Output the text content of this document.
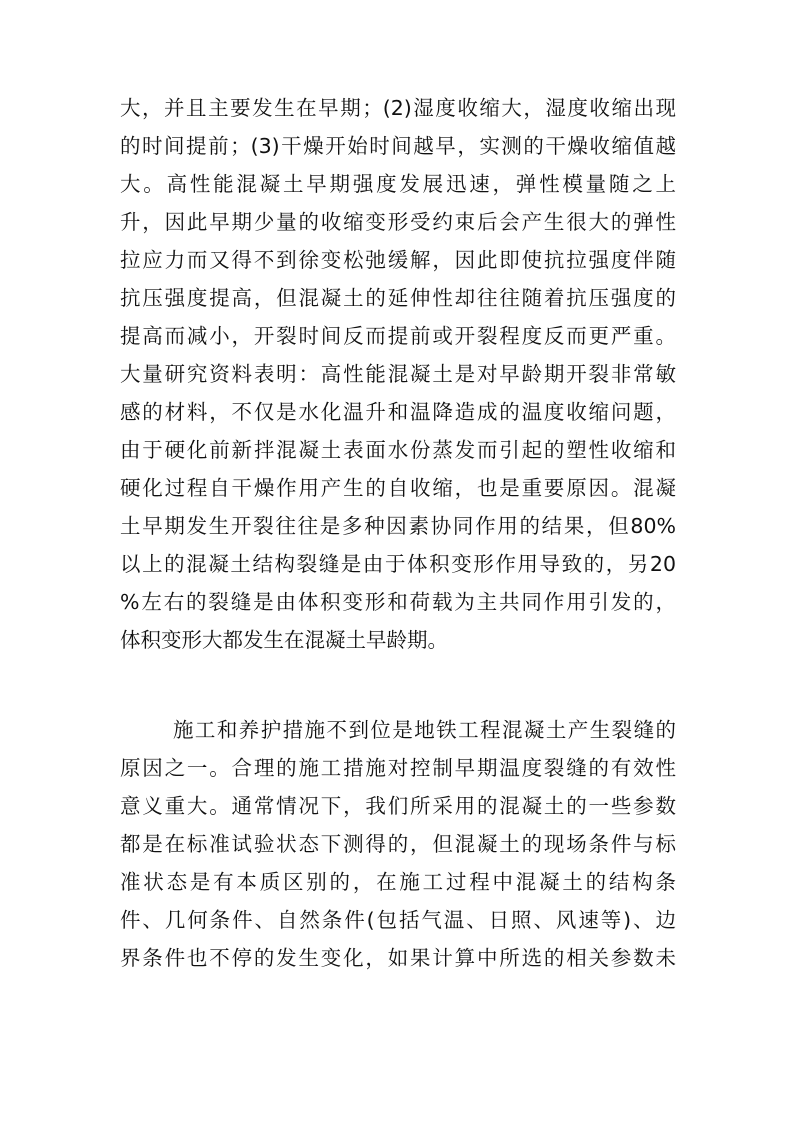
大，并且主要发生在早期；(2)湿度收缩大，湿度收缩出现
的时间提前；(3)干燥开始时间越早，实测的干燥收缩值越
大。高性能混凝土早期强度发展迅速，弹性模量随之上
升，因此早期少量的收缩变形受约束后会产生很大的弹性
拉应力而又得不到徐变松弛缓解，因此即使抗拉强度伴随
抗压强度提高，但混凝土的延伸性却往往随着抗压强度的
提高而减小，开裂时间反而提前或开裂程度反而更严重。
大量研究资料表明：高性能混凝土是对早龄期开裂非常敏
感的材料，不仅是水化温升和温降造成的温度收缩问题，
由于硬化前新拌混凝土表面水份蒸发而引起的塑性收缩和
硬化过程自干燥作用产生的自收缩，也是重要原因。混凝
土早期发生开裂往往是多种因素协同作用的结果，但80%
以上的混凝土结构裂缝是由于体积变形作用导致的，另20
%左右的裂缝是由体积变形和荷载为主共同作用引发的，
体积变形大都发生在混凝土早龄期。
施工和养护措施不到位是地铁工程混凝土产生裂缝的
原因之一。合理的施工措施对控制早期温度裂缝的有效性
意义重大。通常情况下，我们所采用的混凝土的一些参数
都是在标准试验状态下测得的，但混凝土的现场条件与标
准状态是有本质区别的，在施工过程中混凝土的结构条
件、几何条件、自然条件(包括气温、日照、风速等)、边
界条件也不停的发生变化，如果计算中所选的相关参数未
